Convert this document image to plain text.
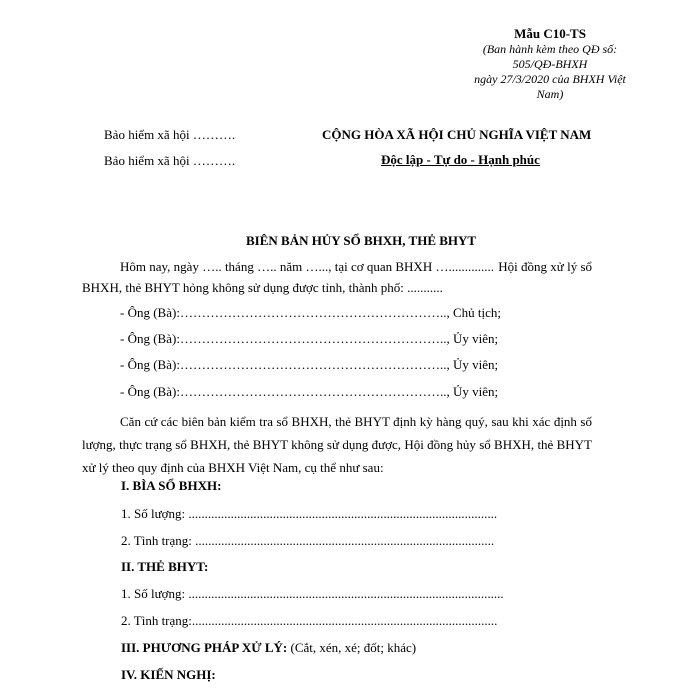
Mẫu C10-TS
(Ban hành kèm theo QĐ số:
505/QĐ-BHXH
ngày 27/3/2020 của BHXH Việt
Nam)
Bảo hiểm xã hội ……….
Bảo hiểm xã hội ……….
CỘNG HÒA XÃ HỘI CHỦ NGHĨA VIỆT NAM
Độc lập - Tự do - Hạnh phúc
BIÊN BẢN HỦY SỔ BHXH, THẺ BHYT
Hôm nay, ngày ….. tháng ….. năm …..., tại cơ quan BHXH ….............. Hội đồng xử lý sổ
BHXH, thẻ BHYT hỏng không sử dụng được tỉnh, thành phố: ...........
- Ông (Bà):…………………………………………………….., Chủ tịch;
- Ông (Bà):…………………………………………………….., Ủy viên;
- Ông (Bà):…………………………………………………….., Ủy viên;
- Ông (Bà):…………………………………………………….., Ủy viên;
Căn cứ các biên bản kiểm tra sổ BHXH, thẻ BHYT định kỳ hàng quý, sau khi xác định số lượng, thực trạng sổ BHXH, thẻ BHYT không sử dụng được, Hội đồng hủy sổ BHXH, thẻ BHYT xử lý theo quy định của BHXH Việt Nam, cụ thể như sau:
I. BÌA SỔ BHXH:
1. Số lượng: ...............................................................................................
2. Tình trạng: ............................................................................................
II. THẺ BHYT:
1. Số lượng: .................................................................................................
2. Tình trạng:..............................................................................................
III. PHƯƠNG PHÁP XỬ LÝ: (Cắt, xén, xé; đốt; khác)
IV. KIẾN NGHỊ:
